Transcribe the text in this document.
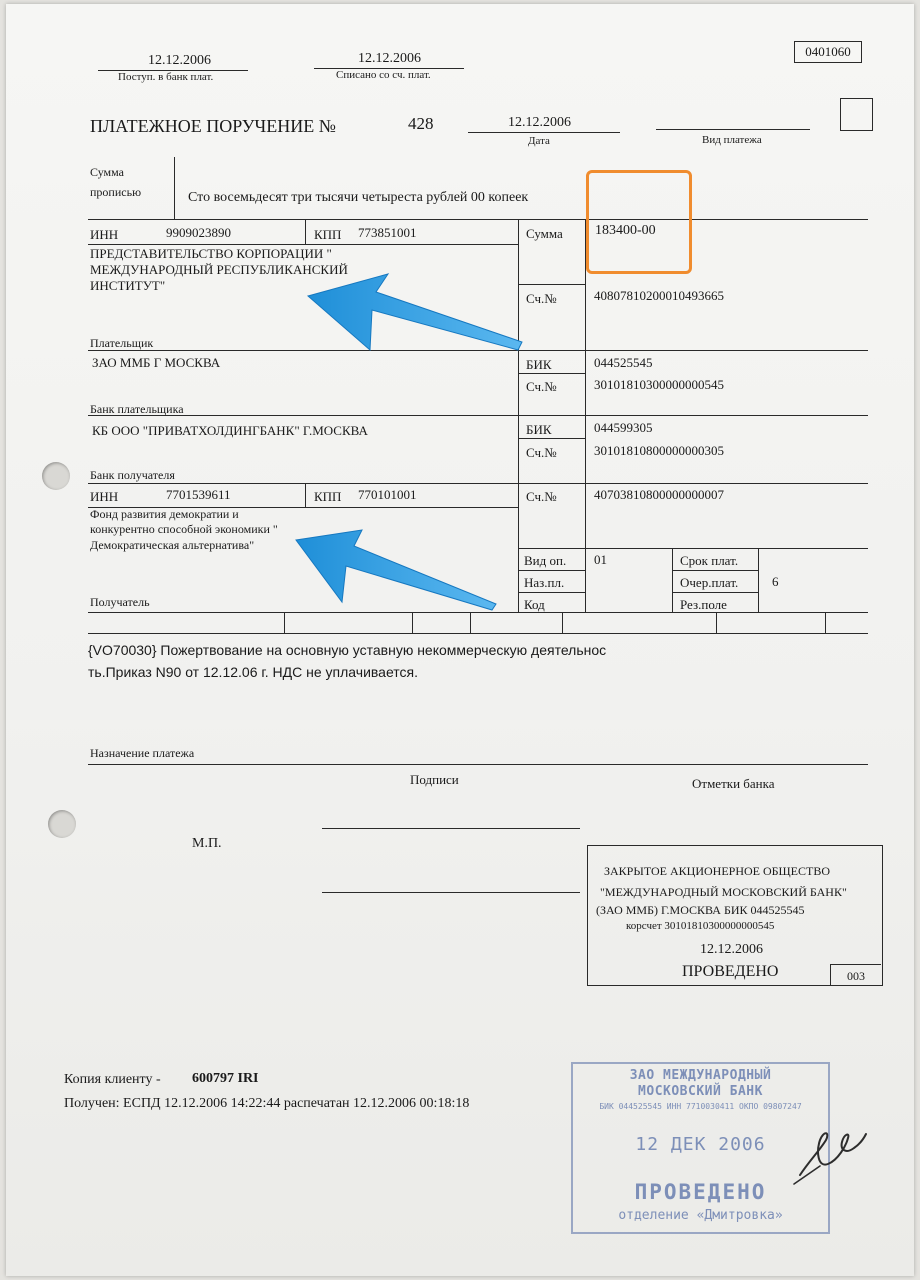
0401060
12.12.2006
Поступ. в банк плат.
12.12.2006
Списано со сч. плат.
ПЛАТЕЖНОЕ ПОРУЧЕНИЕ №	428	12.12.2006
Дата	Вид платежа
Сумма
прописью	Сто восемьдесят три тысячи четыреста рублей 00 копеек
ИНН	9909023890	КПП 773851001
ПРЕДСТАВИТЕЛЬСТВО КОРПОРАЦИИ "
МЕЖДУНАРОДНЫЙ РЕСПУБЛИКАНСКИЙ
ИНСТИТУТ"
Плательщик
Сумма 183400-00
Сч.№	40807810200010493665
ЗАО ММБ Г МОСКВА
Банк плательщика
БИК	044525545
Сч.№	30101810300000000545
КБ ООО "ПРИВАТХОЛДИНГБАНК" Г.МОСКВА
Банк получателя
БИК	044599305
Сч.№	30101810800000000305
ИНН	7701539611	КПП 770101001
Фонд развития демократии и
конкурентно способной экономики "
Демократическая альтернатива"
Получатель
Сч.№	40703810800000000007
Вид оп. 01
Наз.пл.
Код
Срок плат.
Очер.плат.	6
Рез.поле
{VO70030} Пожертвование на основную уставную некоммерческую деятельнос
ть.Приказ N90 от 12.12.06 г. НДС не уплачивается.
Назначение платежа
Подписи	Отметки банка
М.П.
ЗАКРЫТОЕ АКЦИОНЕРНОЕ ОБЩЕСТВО
"МЕЖДУНАРОДНЫЙ МОСКОВСКИЙ БАНК"
(ЗАО ММБ) Г.МОСКВА БИК 044525545
корсчет 30101810300000000545
12.12.2006
ПРОВЕДЕНО	003
Копия клиенту - 600797 IRI
Получен: ЕСПД 12.12.2006 14:22:44 распечатан 12.12.2006 00:18:18
ЗАО МЕЖДУНАРОДНЫЙ
МОСКОВСКИЙ БАНК
БИК 044525545 ИНН 7710030411 ОКПО 09807247
12 ДЕК 2006
ПРОВЕДЕНО
отделение «Дмитровка»
